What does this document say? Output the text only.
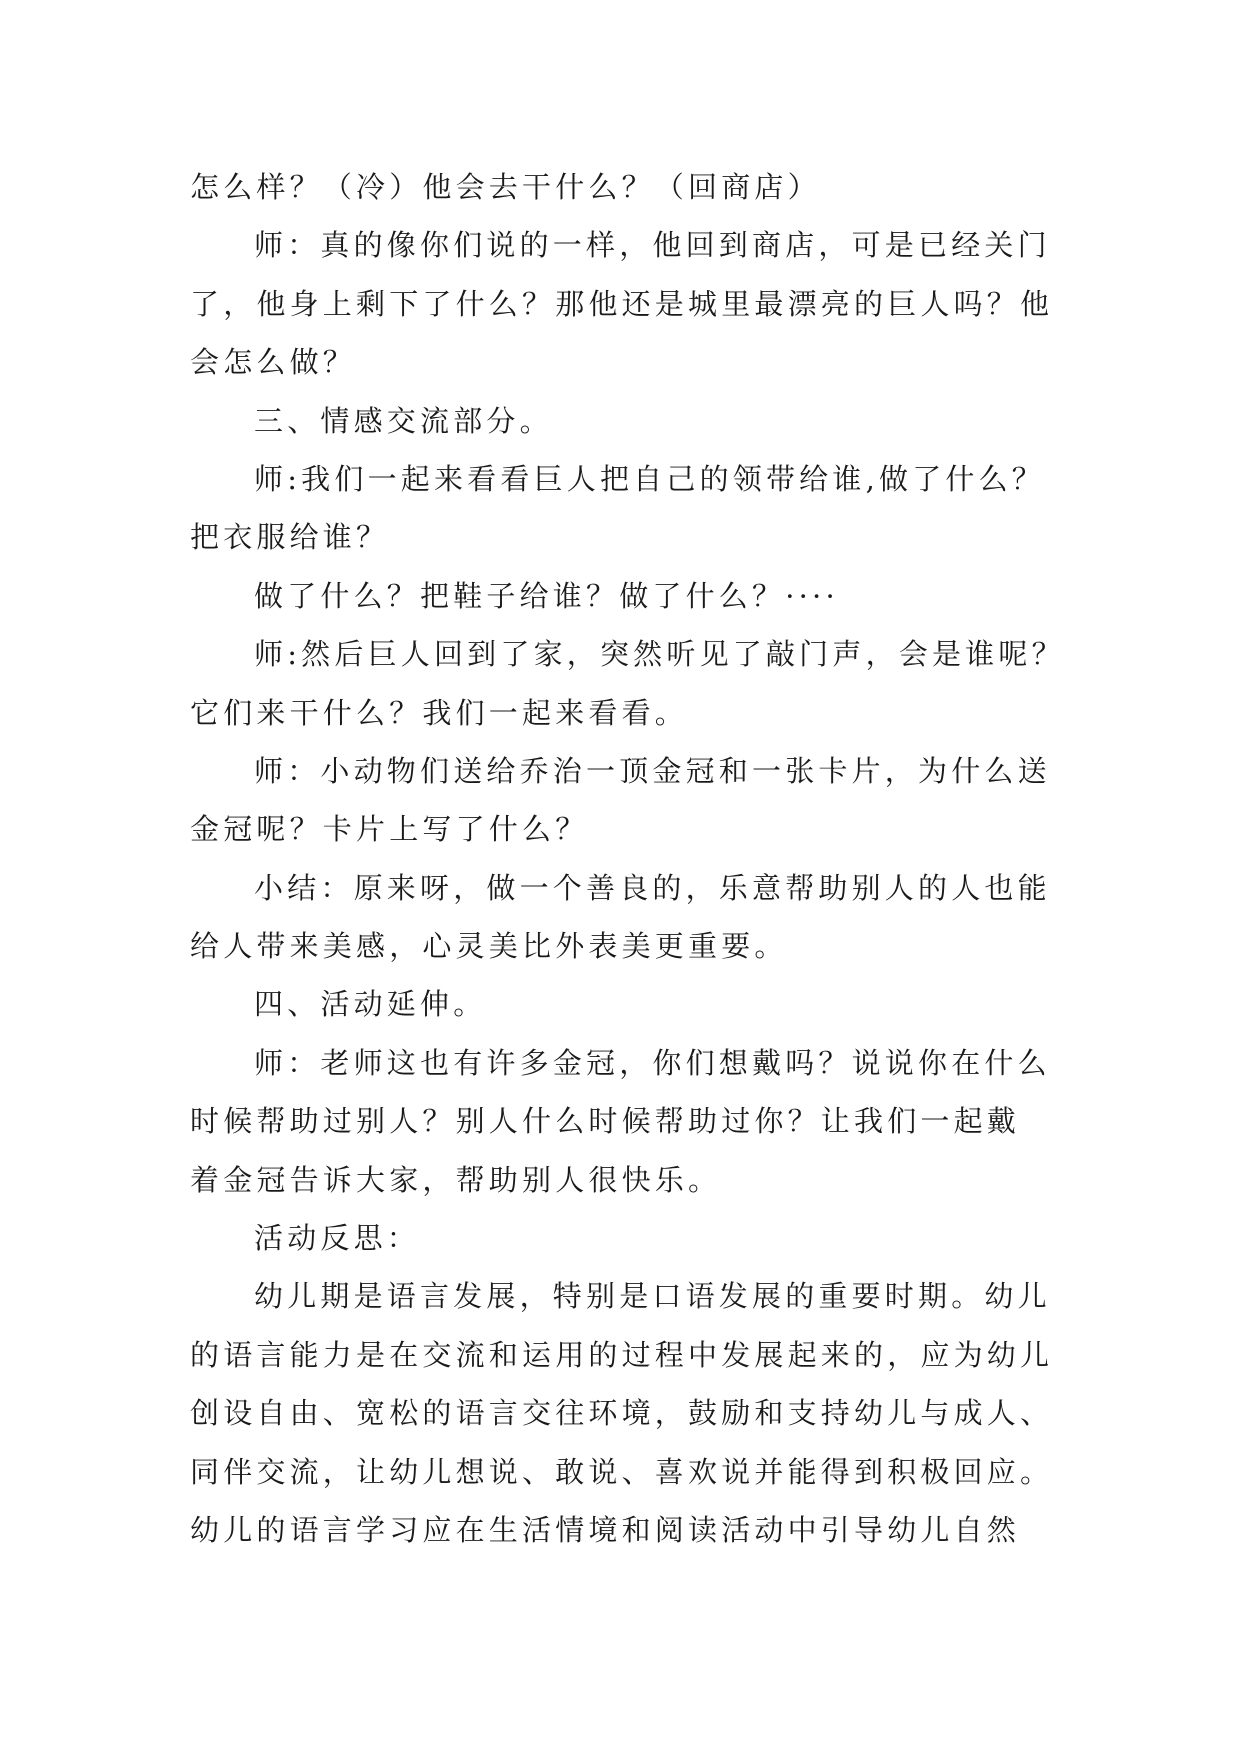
怎么样？（冷）他会去干什么？（回商店）
师：真的像你们说的一样，他回到商店，可是已经关门
了，他身上剩下了什么？那他还是城里最漂亮的巨人吗？他
会怎么做？
三、情感交流部分。
师:我们一起来看看巨人把自己的领带给谁,做了什么？
把衣服给谁？
做了什么？把鞋子给谁？做了什么？····
师:然后巨人回到了家，突然听见了敲门声，会是谁呢？
它们来干什么？我们一起来看看。
师：小动物们送给乔治一顶金冠和一张卡片，为什么送
金冠呢？卡片上写了什么？
小结：原来呀，做一个善良的，乐意帮助别人的人也能
给人带来美感，心灵美比外表美更重要。
四、活动延伸。
师：老师这也有许多金冠，你们想戴吗？说说你在什么
时候帮助过别人？别人什么时候帮助过你？让我们一起戴
着金冠告诉大家，帮助别人很快乐。
活动反思：
幼儿期是语言发展，特别是口语发展的重要时期。幼儿
的语言能力是在交流和运用的过程中发展起来的，应为幼儿
创设自由、宽松的语言交往环境，鼓励和支持幼儿与成人、
同伴交流，让幼儿想说、敢说、喜欢说并能得到积极回应。
幼儿的语言学习应在生活情境和阅读活动中引导幼儿自然
